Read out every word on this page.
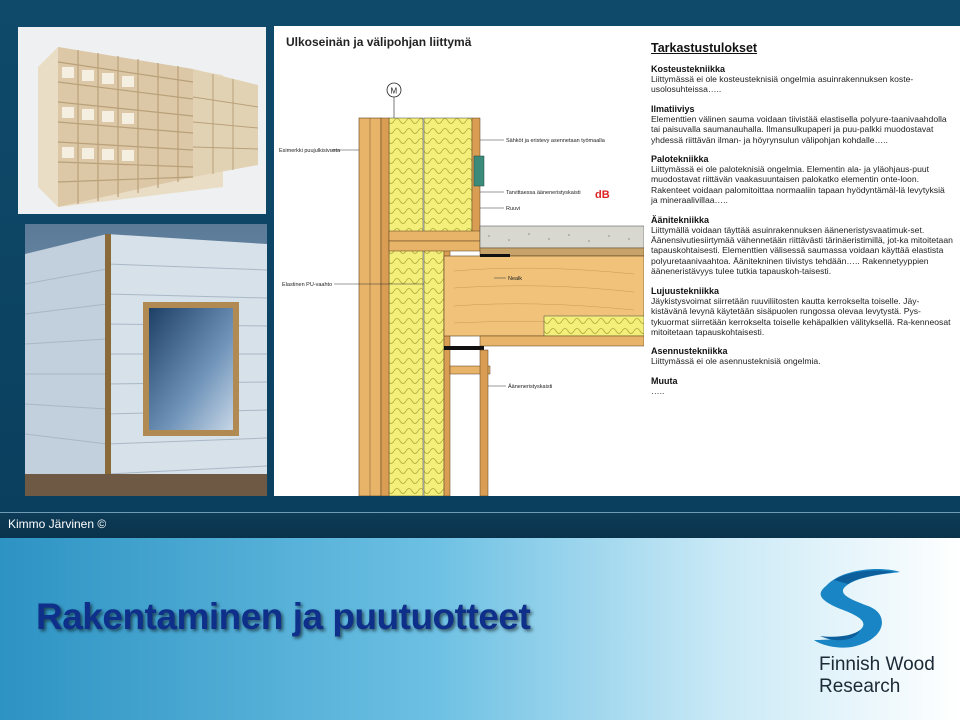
Ulkoseinän ja välipohjan liittymä
dB
M
Esimerkki puujulkisivusta
Sähköt ja eristevy asennetaan työmaalla
Tarvittaessa ääneneristyskaisti
Ruuvi
Elastinen PU-vaahto
Nealk
Ääneneristyskaisti
Tarkastustulokset
Kosteustekniikka

Liittymässä ei ole kosteusteknisiä ongelmia asuinrakennuksen koste-usolosuhteissa…..

Ilmatiiviys

Elementtien välinen sauma voidaan tiivistää elastisella polyure-taanivaahdolla tai paisuvalla saumanauhalla. Ilmansulkupaperi ja puu-palkki muodostavat yhdessä riittävän ilman- ja höyrynsulun välipohjan kohdalle…..

Palotekniikka

Liittymässä ei ole paloteknisiä ongelmia. Elementin ala- ja yläohjaus-puut muodostavat riittävän vaakasuuntaisen palokatko elementin onte-loon. Rakenteet voidaan palomitoittaa normaaliin tapaan hyödyntämäl-lä levytyksiä ja mineraalivillaa…..

Äänitekniikka

Liittymällä voidaan täyttää asuinrakennuksen ääneneristysvaatimuk-set. Äänensivutiesiirtymää vähennetään riittävästi tärinäeristimillä, jot-ka mitoitetaan tapauskohtaisesti. Elementtien välisessä saumassa voidaan käyttää elastista polyuretaanivaahtoa. Äänitekninen tiivistys tehdään….. Rakennetyyppien ääneneristävyys tulee tutkia tapauskoh-taisesti.

Lujuustekniikka

Jäykistysvoimat siirretään ruuviliitosten kautta kerrokselta toiselle. Jäy-kistävänä levynä käytetään sisäpuolen rungossa olevaa levytystä. Pys-tykuormat siirretään kerrokselta toiselle kehäpalkien välityksellä. Ra-kenneosat mitoitetaan tapauskohtaisesti.

Asennustekniikka

Liittymässä ei ole asennusteknisiä ongelmia.

Muuta

…..

Kimmo Järvinen ©
Rakentaminen ja puutuotteet
Finnish Wood
Research
